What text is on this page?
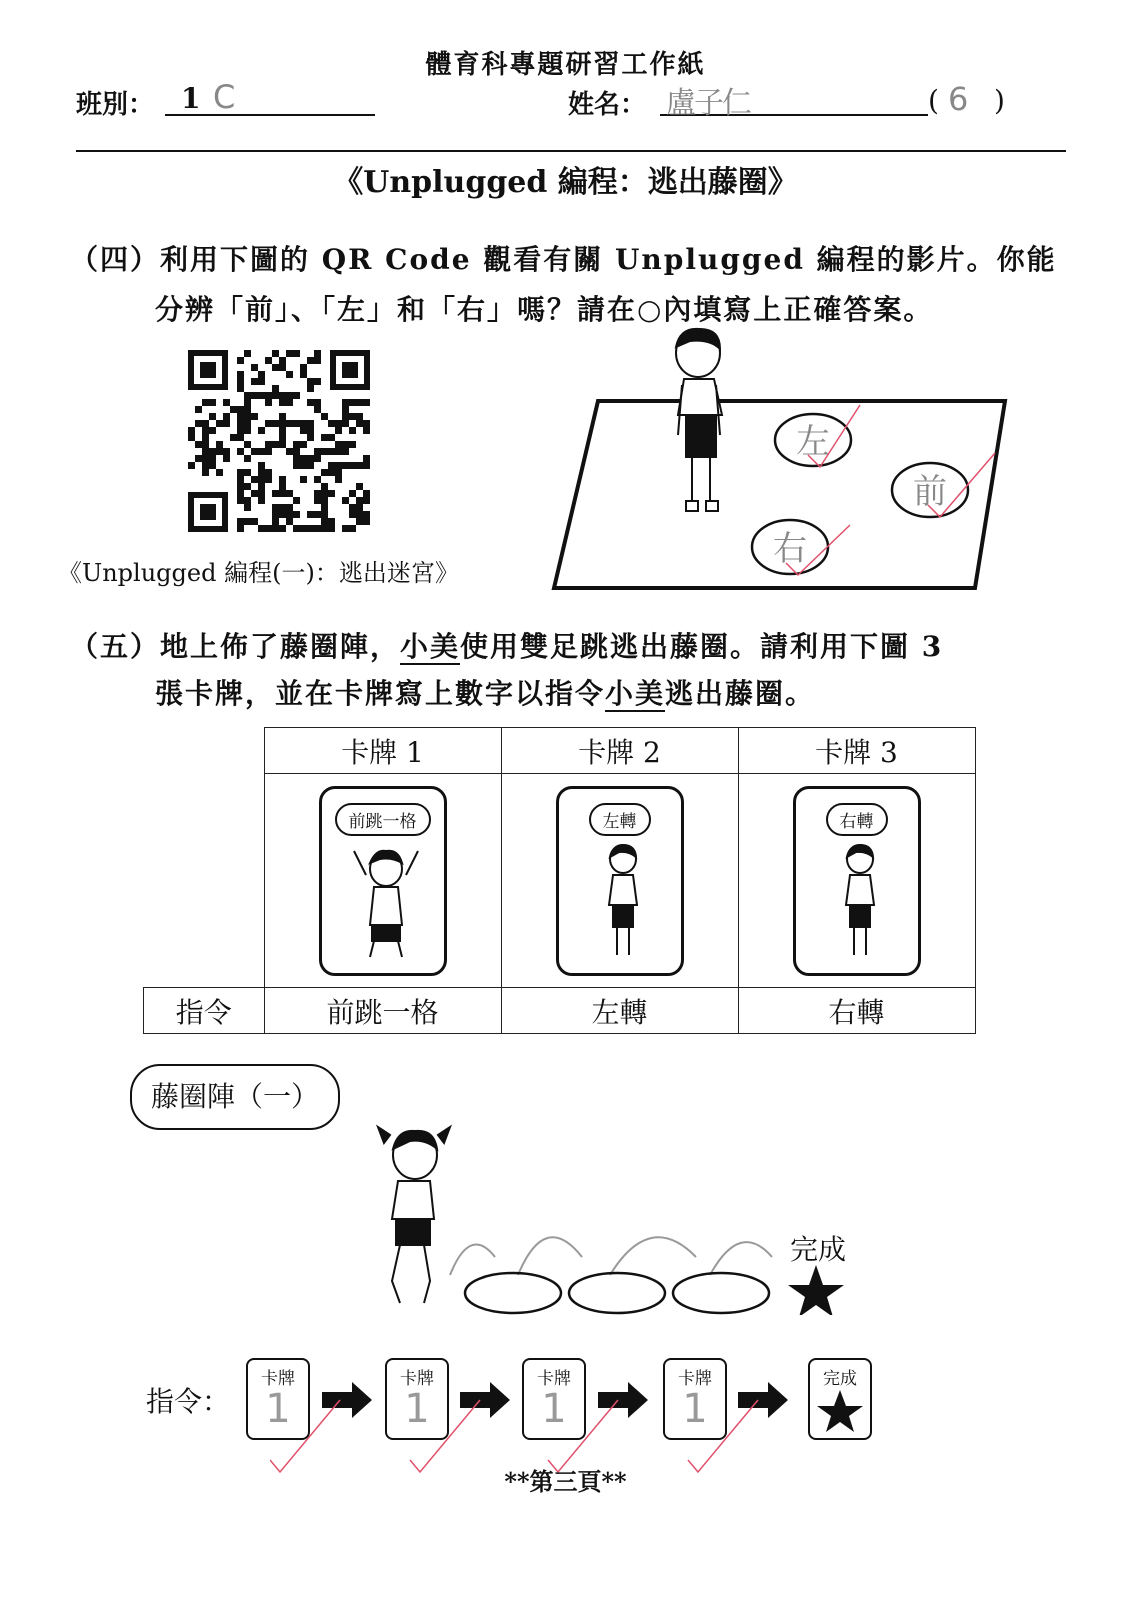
體育科專題研習工作紙
班別： 1 C	姓名： 盧子仁	( 6 )
《Unplugged 編程：逃出藤圈》
（四）利用下圖的 QR Code 觀看有關 Unplugged 編程的影片。你能
分辨「前」、「左」和「右」嗎？請在○內填寫上正確答案。
《Unplugged 編程(一)：逃出迷宮》
左
前
右
（五）地上佈了藤圈陣，小美使用雙足跳逃出藤圈。請利用下圖 3
張卡牌，並在卡牌寫上數字以指令小美逃出藤圈。
	卡牌 1	卡牌 2	卡牌 3

	前跳一格	左轉	右轉

指令	前跳一格	左轉	右轉
藤圈陣（一）
完成
指令：
卡牌
1
卡牌
1
卡牌
1
卡牌
1
完成
**第三頁**
